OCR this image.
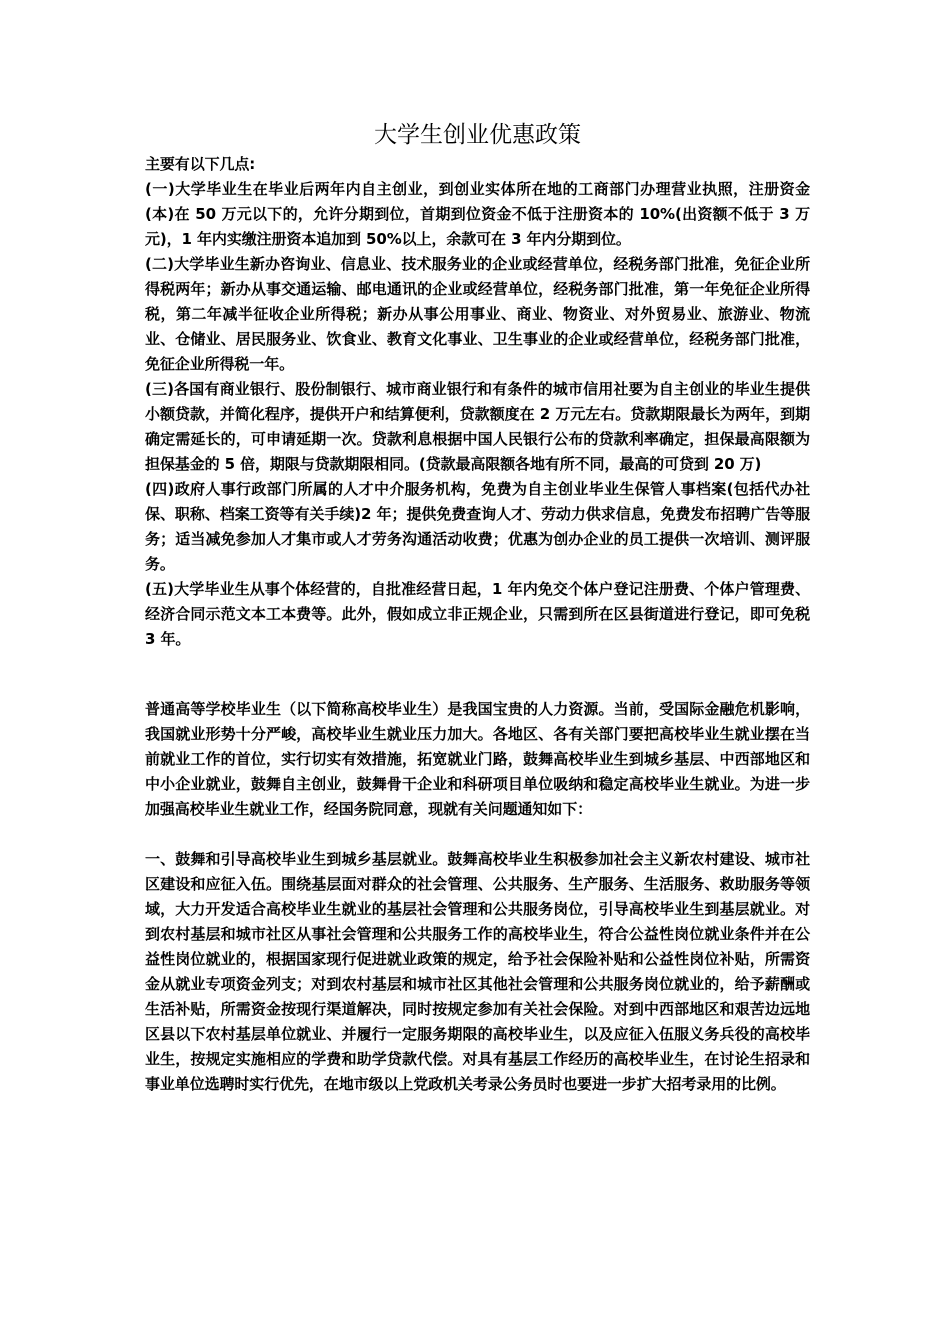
大学生创业优惠政策

主要有以下几点:

(一)大学毕业生在毕业后两年内自主创业，到创业实体所在地的工商部门办理营业执照，注册资金(本)在 50 万元以下的，允许分期到位，首期到位资金不低于注册资本的 10%(出资额不低于 3 万元)，1 年内实缴注册资本追加到 50%以上，余款可在 3 年内分期到位。

(二)大学毕业生新办咨询业、信息业、技术服务业的企业或经营单位，经税务部门批准，免征企业所得税两年；新办从事交通运输、邮电通讯的企业或经营单位，经税务部门批准，第一年免征企业所得税，第二年减半征收企业所得税；新办从事公用事业、商业、物资业、对外贸易业、旅游业、物流业、仓储业、居民服务业、饮食业、教育文化事业、卫生事业的企业或经营单位，经税务部门批准，免征企业所得税一年。

(三)各国有商业银行、股份制银行、城市商业银行和有条件的城市信用社要为自主创业的毕业生提供小额贷款，并简化程序，提供开户和结算便利，贷款额度在 2 万元左右。贷款期限最长为两年，到期确定需延长的，可申请延期一次。贷款利息根据中国人民银行公布的贷款利率确定，担保最高限额为担保基金的 5 倍，期限与贷款期限相同。(贷款最高限额各地有所不同，最高的可贷到 20 万)

(四)政府人事行政部门所属的人才中介服务机构，免费为自主创业毕业生保管人事档案(包括代办社保、职称、档案工资等有关手续)2 年；提供免费查询人才、劳动力供求信息，免费发布招聘广告等服务；适当减免参加人才集市或人才劳务沟通活动收费；优惠为创办企业的员工提供一次培训、测评服务。

(五)大学毕业生从事个体经营的，自批准经营日起，1 年内免交个体户登记注册费、个体户管理费、经济合同示范文本工本费等。此外，假如成立非正规企业，只需到所在区县街道进行登记，即可免税 3 年。

普通高等学校毕业生（以下简称高校毕业生）是我国宝贵的人力资源。当前，受国际金融危机影响，我国就业形势十分严峻，高校毕业生就业压力加大。各地区、各有关部门要把高校毕业生就业摆在当前就业工作的首位，实行切实有效措施，拓宽就业门路，鼓舞高校毕业生到城乡基层、中西部地区和中小企业就业，鼓舞自主创业，鼓舞骨干企业和科研项目单位吸纳和稳定高校毕业生就业。为进一步加强高校毕业生就业工作，经国务院同意，现就有关问题通知如下：

一、鼓舞和引导高校毕业生到城乡基层就业。鼓舞高校毕业生积极参加社会主义新农村建设、城市社区建设和应征入伍。围绕基层面对群众的社会管理、公共服务、生产服务、生活服务、救助服务等领域，大力开发适合高校毕业生就业的基层社会管理和公共服务岗位，引导高校毕业生到基层就业。对到农村基层和城市社区从事社会管理和公共服务工作的高校毕业生，符合公益性岗位就业条件并在公益性岗位就业的，根据国家现行促进就业政策的规定，给予社会保险补贴和公益性岗位补贴，所需资金从就业专项资金列支；对到农村基层和城市社区其他社会管理和公共服务岗位就业的，给予薪酬或生活补贴，所需资金按现行渠道解决，同时按规定参加有关社会保险。对到中西部地区和艰苦边远地区县以下农村基层单位就业、并履行一定服务期限的高校毕业生，以及应征入伍服义务兵役的高校毕业生，按规定实施相应的学费和助学贷款代偿。对具有基层工作经历的高校毕业生，在讨论生招录和事业单位选聘时实行优先，在地市级以上党政机关考录公务员时也要进一步扩大招考录用的比例。
